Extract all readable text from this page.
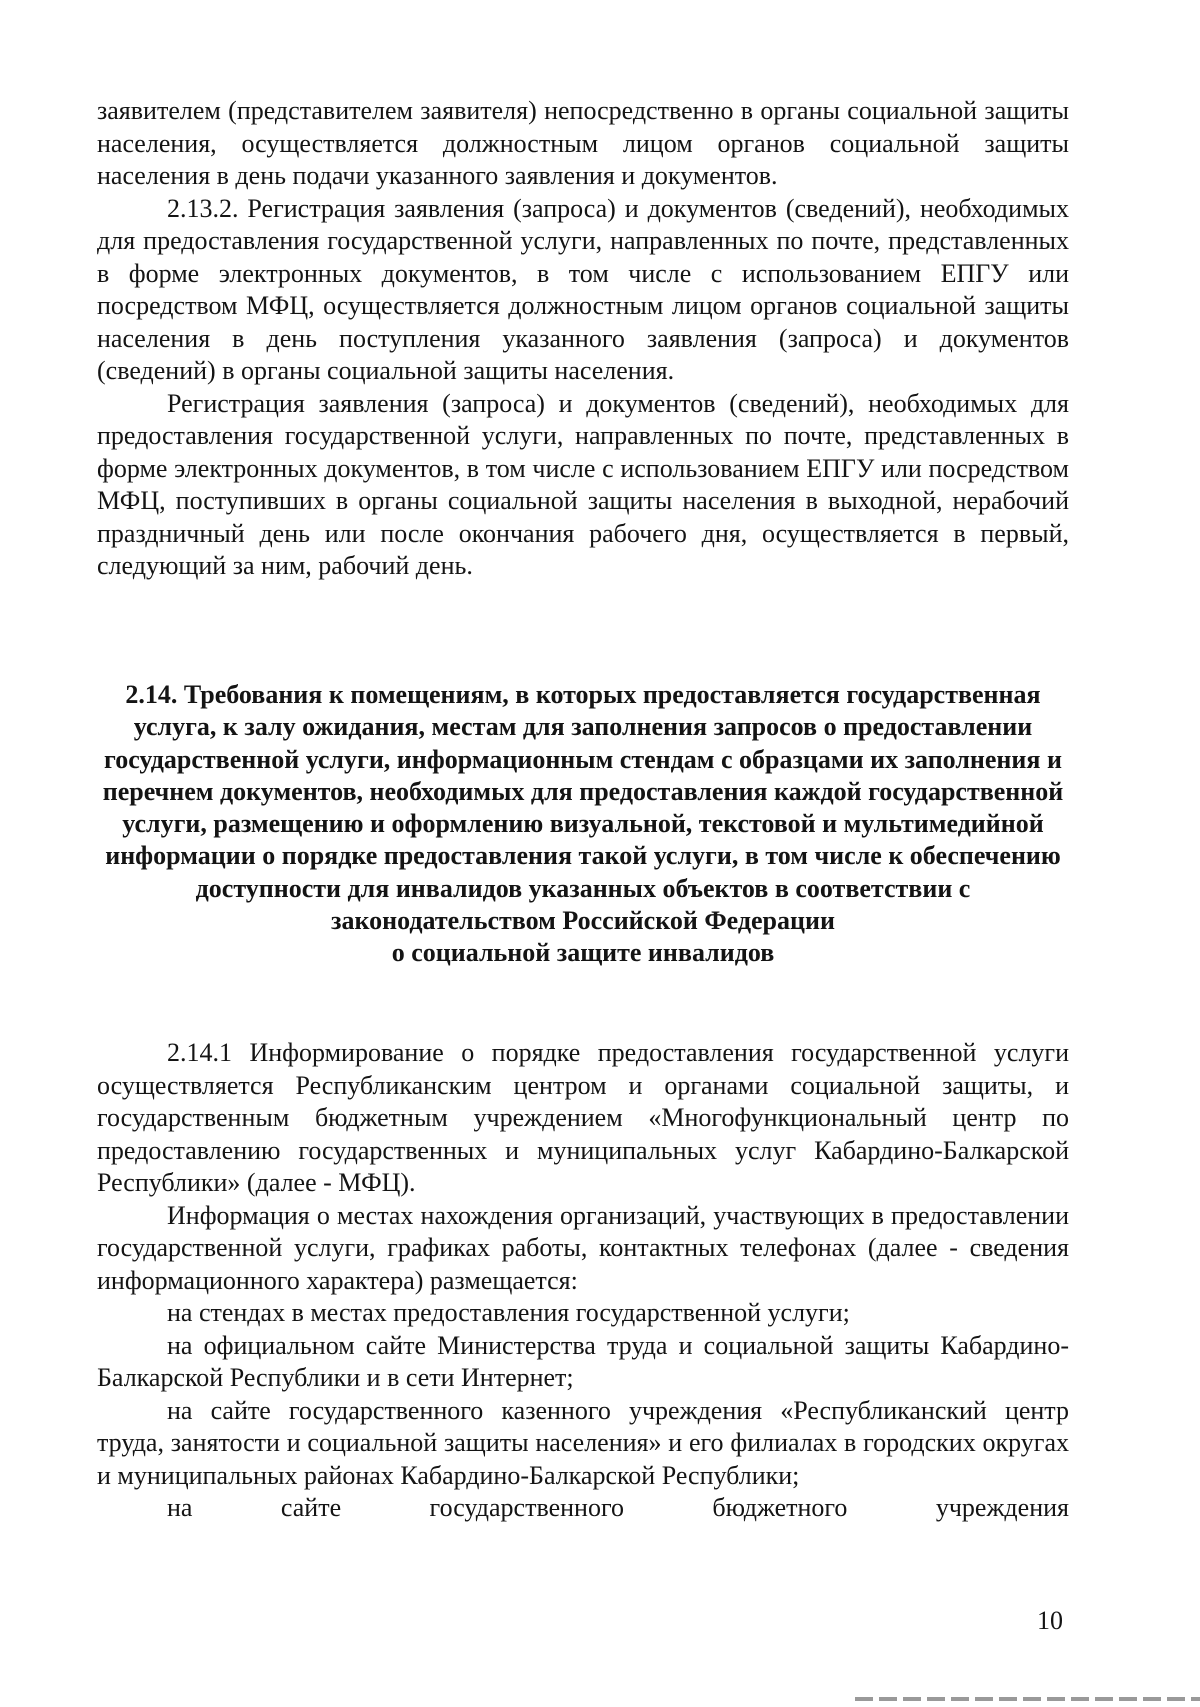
заявителем (представителем заявителя) непосредственно в органы социальной защиты населения, осуществляется должностным лицом органов социальной защиты населения в день подачи указанного заявления и документов.

2.13.2. Регистрация заявления (запроса) и документов (сведений), необходимых для предоставления государственной услуги, направленных по почте, представленных в форме электронных документов, в том числе с использованием ЕПГУ или посредством МФЦ, осуществляется должностным лицом органов социальной защиты населения в день поступления указанного заявления (запроса) и документов (сведений) в органы социальной защиты населения.

Регистрация заявления (запроса) и документов (сведений), необходимых для предоставления государственной услуги, направленных по почте, представленных в форме электронных документов, в том числе с использованием ЕПГУ или посредством МФЦ, поступивших в органы социальной защиты населения в выходной, нерабочий праздничный день или после окончания рабочего дня, осуществляется в первый, следующий за ним, рабочий день.

2.14. Требования к помещениям, в которых предоставляется государственная услуга, к залу ожидания, местам для заполнения запросов о предоставлении государственной услуги, информационным стендам с образцами их заполнения и перечнем документов, необходимых для предоставления каждой государственной услуги, размещению и оформлению визуальной, текстовой и мультимедийной информации о порядке предоставления такой услуги, в том числе к обеспечению доступности для инвалидов указанных объектов в соответствии с законодательством Российской Федерации
о социальной защите инвалидов

2.14.1 Информирование о порядке предоставления государственной услуги осуществляется Республиканским центром и органами социальной защиты, и государственным бюджетным учреждением «Многофункциональный центр по предоставлению государственных и муниципальных услуг Кабардино-Балкарской Республики» (далее - МФЦ).

Информация о местах нахождения организаций, участвующих в предоставлении государственной услуги, графиках работы, контактных телефонах (далее - сведения информационного характера) размещается:

на стендах в местах предоставления государственной услуги;

на официальном сайте Министерства труда и социальной защиты Кабардино-Балкарской Республики и в сети Интернет;

на сайте государственного казенного учреждения «Республиканский центр труда, занятости и социальной защиты населения» и его филиалах в городских округах и муниципальных районах Кабардино-Балкарской Республики;

на сайте государственного бюджетного учреждения

10
